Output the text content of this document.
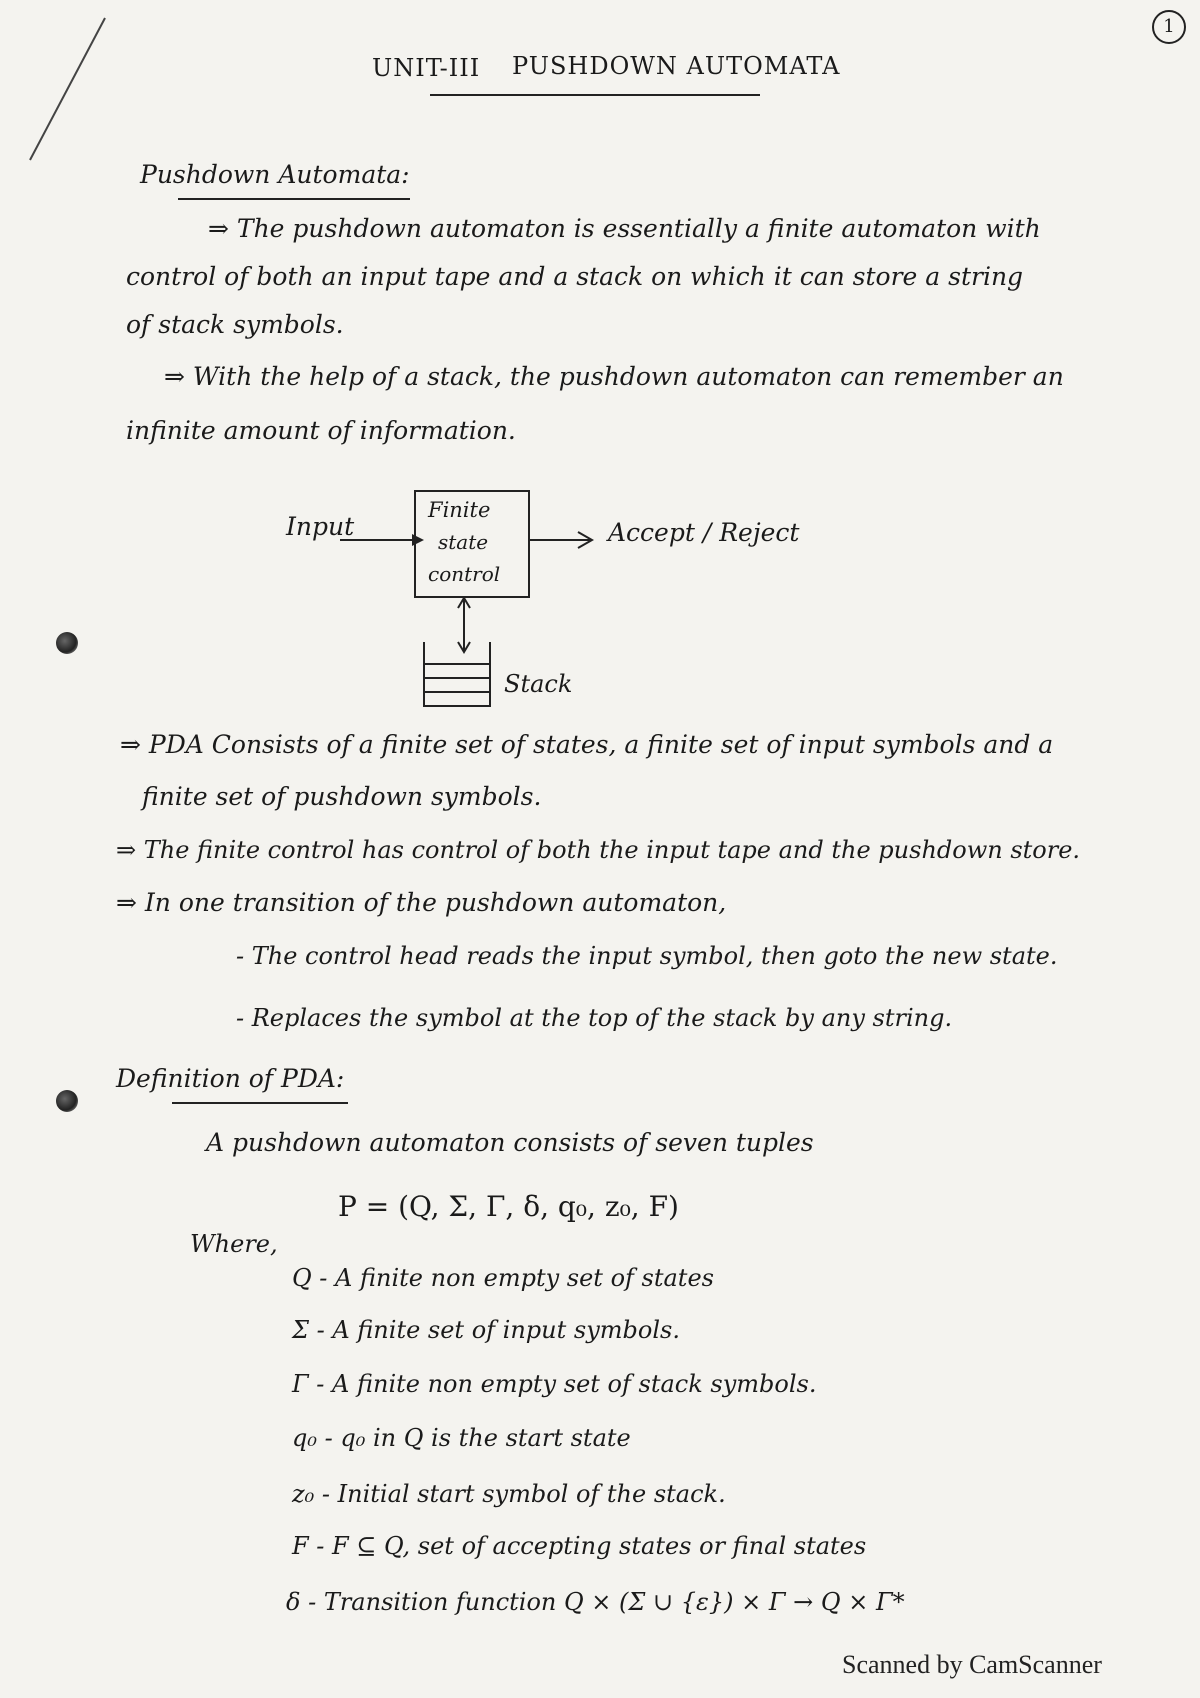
1
UNIT-III PUSHDOWN AUTOMATA
Pushdown Automata:
⇒ The pushdown automaton is essentially a finite automaton with
control of both an input tape and a stack on which it can store a string
of stack symbols.
⇒ With the help of a stack, the pushdown automaton can remember an
infinite amount of information.
Input
Finite
state
control
Accept / Reject
Stack
⇒ PDA Consists of a finite set of states, a finite set of input symbols and a
finite set of pushdown symbols.
⇒ The finite control has control of both the input tape and the pushdown store.
⇒ In one transition of the pushdown automaton,
- The control head reads the input symbol, then goto the new state.
- Replaces the symbol at the top of the stack by any string.
Definition of PDA:
A pushdown automaton consists of seven tuples
P = (Q, Σ, Γ, δ, q₀, z₀, F)
Where,
Q - A finite non empty set of states
Σ - A finite set of input symbols.
Γ - A finite non empty set of stack symbols.
q₀ - q₀ in Q is the start state
z₀ - Initial start symbol of the stack.
F - F ⊆ Q, set of accepting states or final states
δ - Transition function Q × (Σ ∪ {ε}) × Γ → Q × Γ*
Scanned by CamScanner
